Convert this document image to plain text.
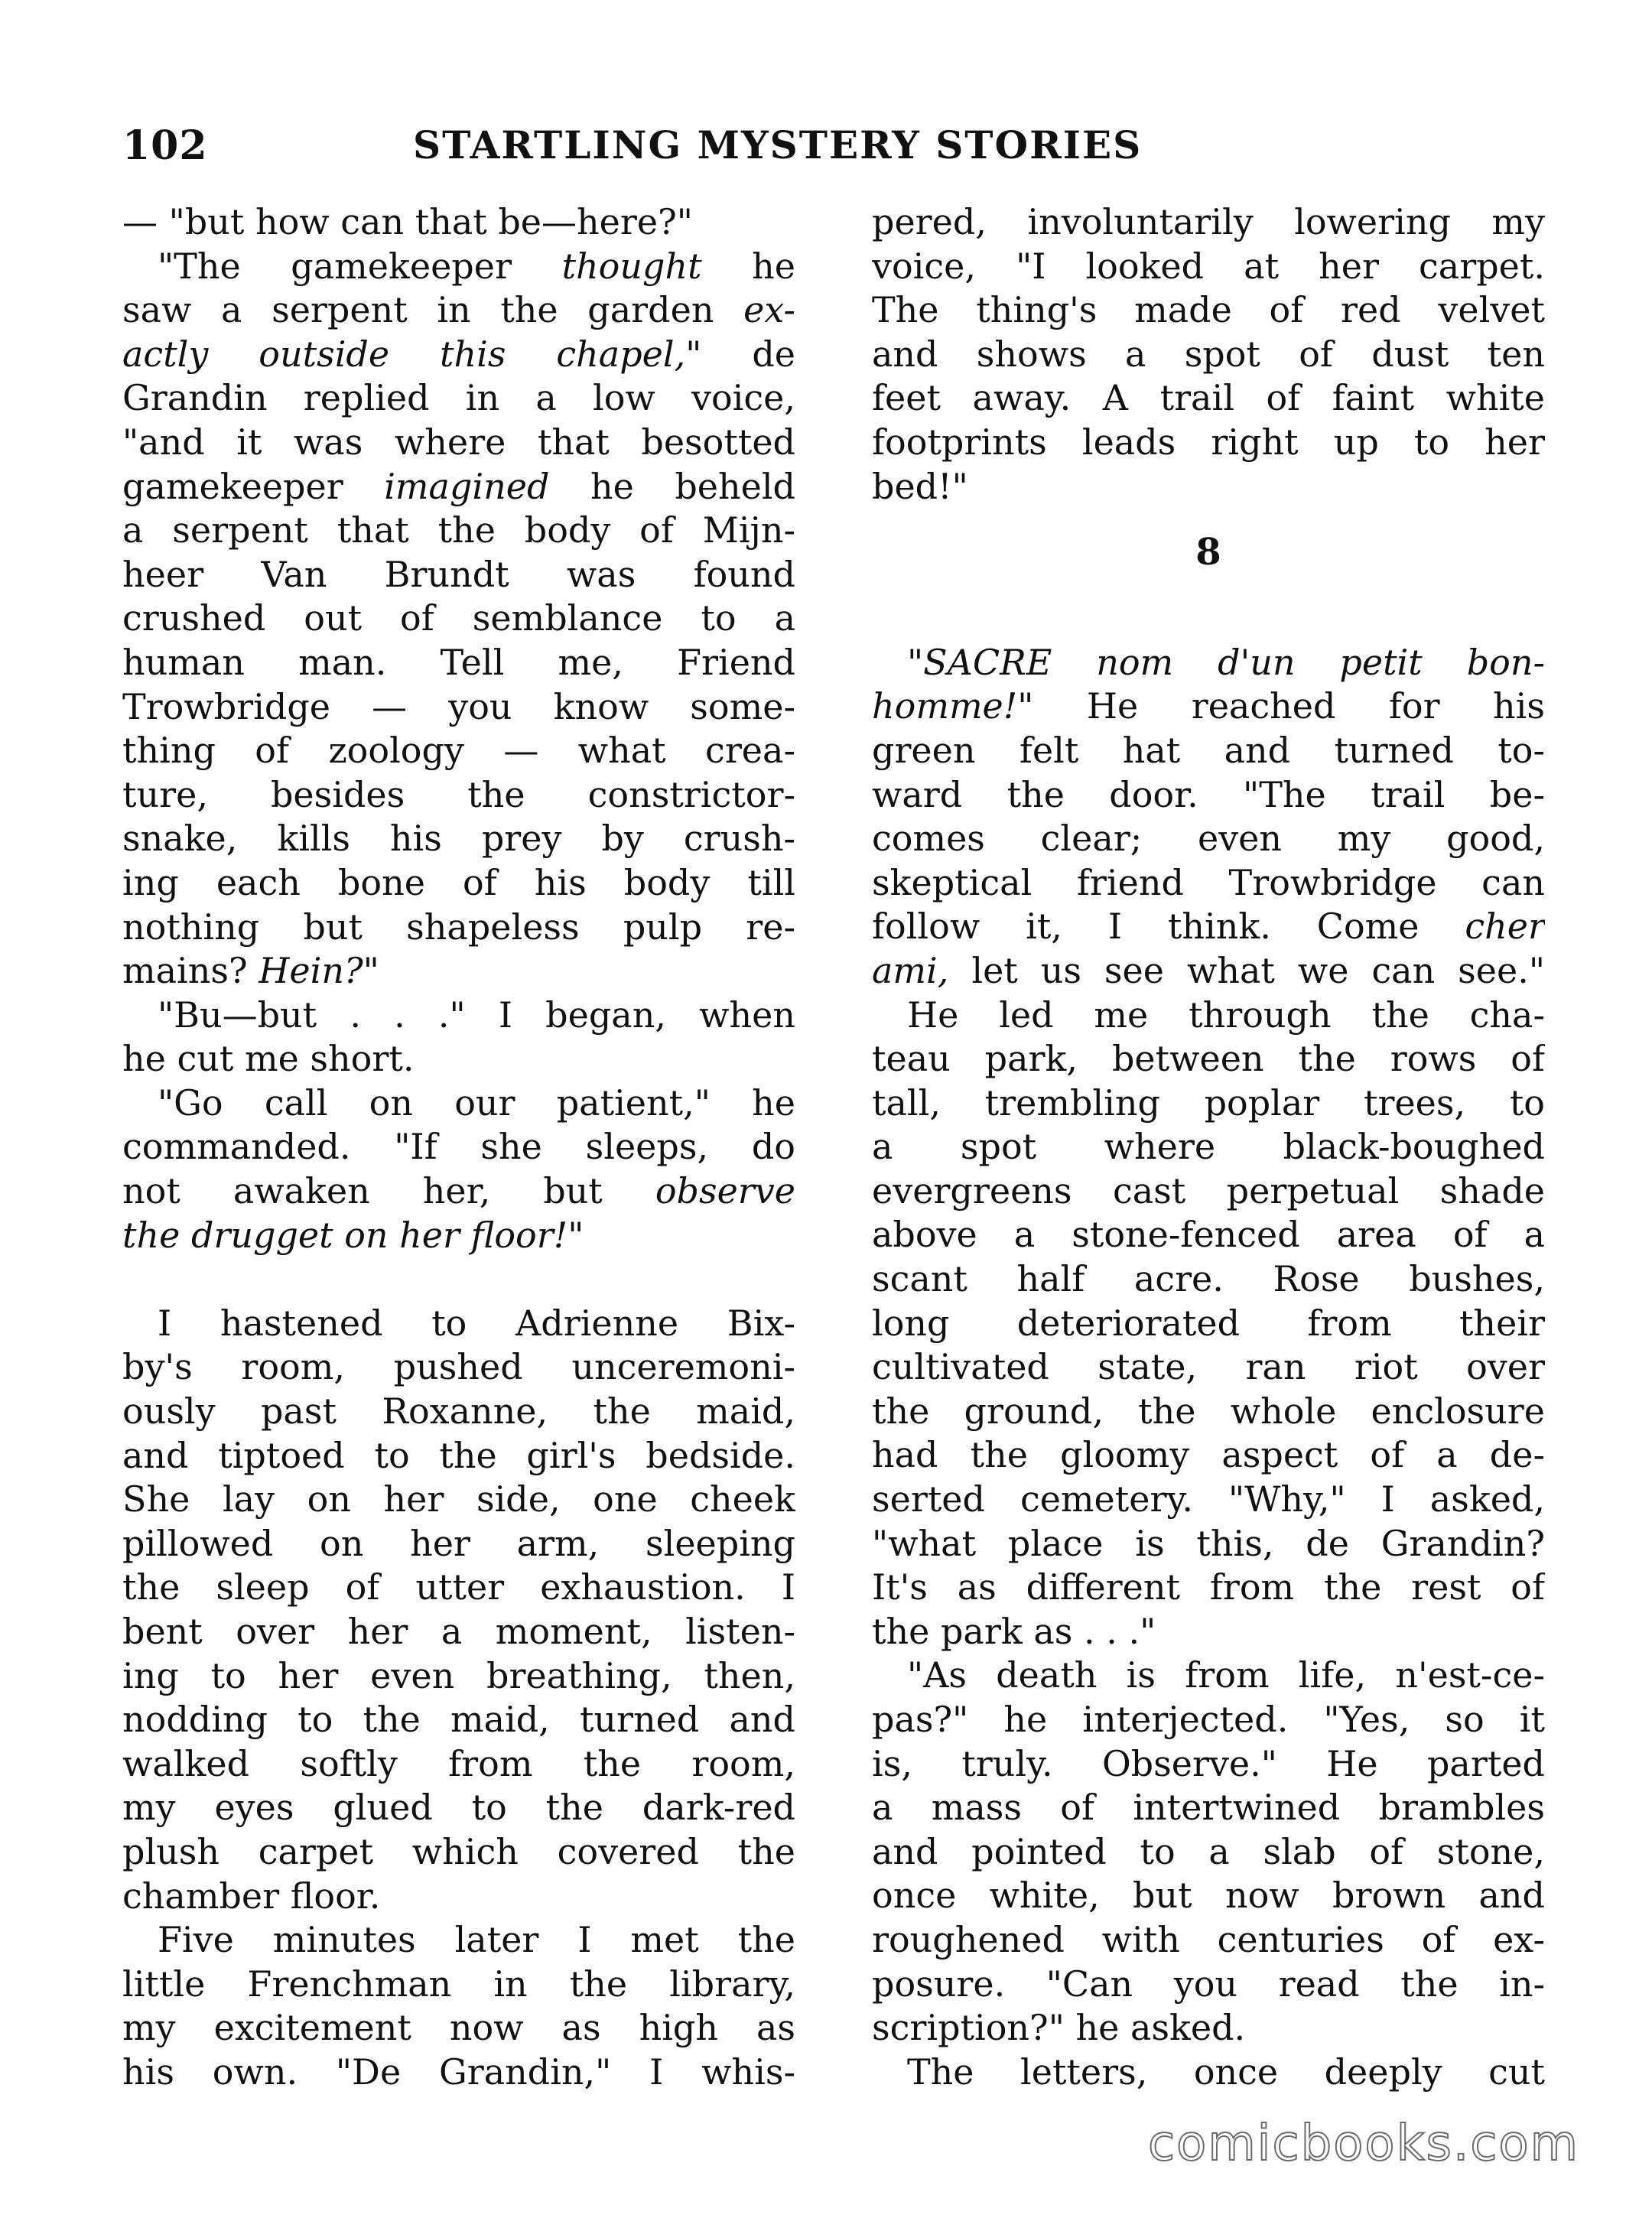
102	STARTLING MYSTERY STORIES
— "but how can that be—here?"
 "The gamekeeper thought he
saw a serpent in the garden ex-
actly outside this chapel," de
Grandin replied in a low voice,
"and it was where that besotted
gamekeeper imagined he beheld
a serpent that the body of Mijn-
heer Van Brundt was found
crushed out of semblance to a
human man. Tell me, Friend
Trowbridge — you know some-
thing of zoology — what crea-
ture, besides the constrictor-
snake, kills his prey by crush-
ing each bone of his body till
nothing but shapeless pulp re-
mains? Hein?"
 "Bu—but . . ." I began, when
he cut me short.
 "Go call on our patient," he
commanded. "If she sleeps, do
not awaken her, but observe
the drugget on her floor!"
 I hastened to Adrienne Bix-
by's room, pushed unceremoni-
ously past Roxanne, the maid,
and tiptoed to the girl's bedside.
She lay on her side, one cheek
pillowed on her arm, sleeping
the sleep of utter exhaustion. I
bent over her a moment, listen-
ing to her even breathing, then,
nodding to the maid, turned and
walked softly from the room,
my eyes glued to the dark-red
plush carpet which covered the
chamber floor.
 Five minutes later I met the
little Frenchman in the library,
my excitement now as high as
his own. "De Grandin," I whis-
pered, involuntarily lowering my
voice, "I looked at her carpet.
The thing's made of red velvet
and shows a spot of dust ten
feet away. A trail of faint white
footprints leads right up to her
bed!"
8
 "SACRE nom d'un petit bon-
homme!" He reached for his
green felt hat and turned to-
ward the door. "The trail be-
comes clear; even my good,
skeptical friend Trowbridge can
follow it, I think. Come cher
ami, let us see what we can see."
 He led me through the cha-
teau park, between the rows of
tall, trembling poplar trees, to
a spot where black-boughed
evergreens cast perpetual shade
above a stone-fenced area of a
scant half acre. Rose bushes,
long deteriorated from their
cultivated state, ran riot over
the ground, the whole enclosure
had the gloomy aspect of a de-
serted cemetery. "Why," I asked,
"what place is this, de Grandin?
It's as different from the rest of
the park as . . ."
 "As death is from life, n'est-ce-
pas?" he interjected. "Yes, so it
is, truly. Observe." He parted
a mass of intertwined brambles
and pointed to a slab of stone,
once white, but now brown and
roughened with centuries of ex-
posure. "Can you read the in-
scription?" he asked.
 The letters, once deeply cut
comicbooks.com
